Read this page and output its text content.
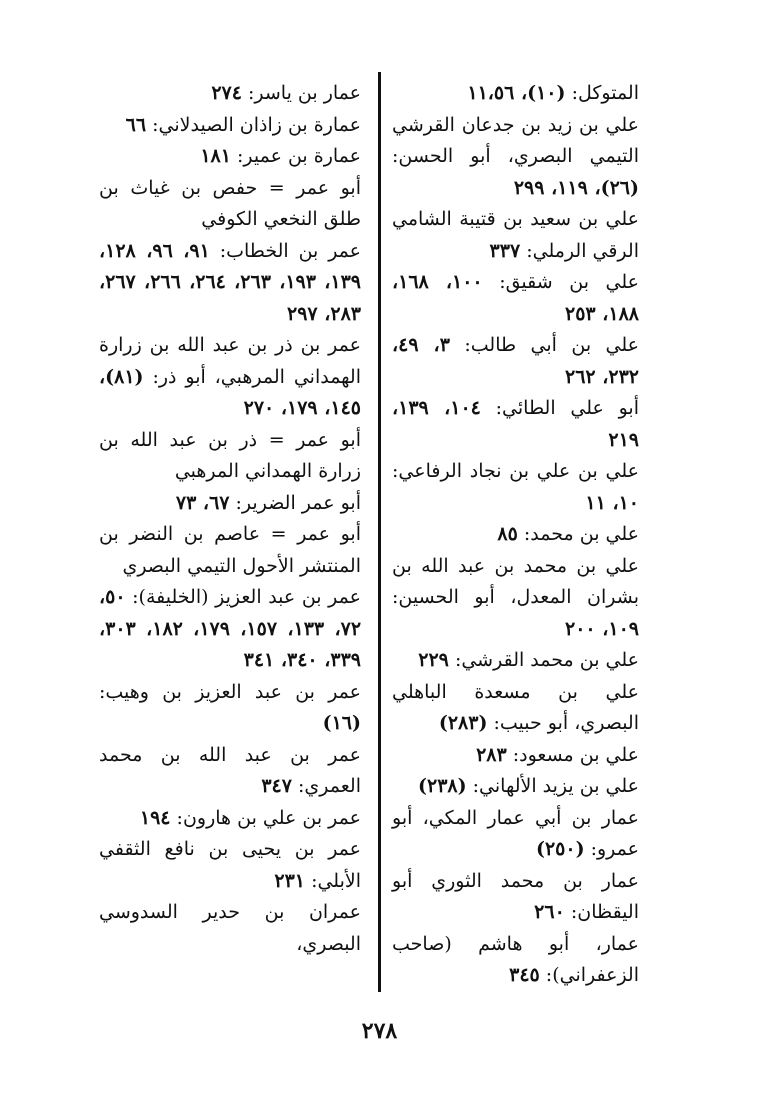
المتوكل: (١٠)، ١١،٥٦

علي بن زيد بن جدعان القرشي التيمي البصري، أبو الحسن: (٢٦)، ١١٩، ٢٩٩

علي بن سعيد بن قتيبة الشامي الرقي الرملي: ٣٣٧

علي بن شقيق: ١٠٠، ١٦٨، ١٨٨، ٢٥٣

علي بن أبي طالب: ٣، ٤٩، ٢٣٢، ٢٦٢

أبو علي الطائي: ١٠٤، ١٣٩، ٢١٩

علي بن علي بن نجاد الرفاعي: ١٠، ١١

علي بن محمد: ٨٥

علي بن محمد بن عبد الله بن بشران المعدل، أبو الحسين: ١٠٩، ٢٠٠

علي بن محمد القرشي: ٢٢٩

علي بن مسعدة الباهلي البصري، أبو حبيب: (٢٨٣)

علي بن مسعود: ٢٨٣

علي بن يزيد الألهاني: (٢٣٨)

عمار بن أبي عمار المكي، أبو عمرو: (٢٥٠)

عمار بن محمد الثوري أبو اليقظان: ٢٦٠

عمار، أبو هاشم (صاحب الزعفراني): ٣٤٥

عمار بن ياسر: ٢٧٤

عمارة بن زاذان الصيدلاني: ٦٦

عمارة بن عمير: ١٨١

أبو عمر = حفص بن غياث بن طلق النخعي الكوفي

عمر بن الخطاب: ٩١، ٩٦، ١٢٨، ١٣٩، ١٩٣، ٢٦٣، ٢٦٤، ٢٦٦، ٢٦٧، ٢٨٣، ٢٩٧

عمر بن ذر بن عبد الله بن زرارة الهمداني المرهبي، أبو ذر: (٨١)، ١٤٥، ١٧٩، ٢٧٠

أبو عمر = ذر بن عبد الله بن زرارة الهمداني المرهبي

أبو عمر الضرير: ٦٧، ٧٣

أبو عمر = عاصم بن النضر بن المنتشر الأحول التيمي البصري

عمر بن عبد العزيز (الخليفة): ٥٠، ٧٢، ١٣٣، ١٥٧، ١٧٩، ١٨٢، ٣٠٣، ٣٣٩، ٣٤٠، ٣٤١

عمر بن عبد العزيز بن وهيب: (١٦)

عمر بن عبد الله بن محمد العمري: ٣٤٧

عمر بن علي بن هارون: ١٩٤

عمر بن يحيى بن نافع الثقفي الأبلي: ٢٣١

عمران بن حدير السدوسي البصري،

٢٧٨
